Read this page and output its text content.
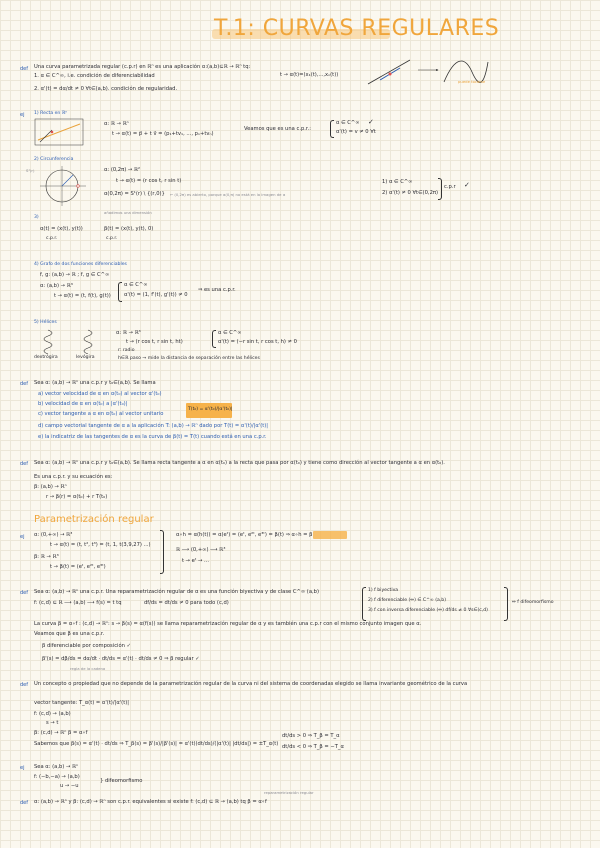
T.1: CURVAS REGULARES
def Una curva parametrizada regular (c.p.r) en ℝⁿ es una aplicación α:(a,b)⊆ℝ → ℝⁿ tq:
t → α(t)=(x₁(t),...,xₙ(t))
1. α ∈ C^∞, i.e. condición de diferenciabilidad
2. α'(t) = dα/dt ≠ 0 ∀t∈(a,b). condición de regularidad.
puede tocarse
ej 1) Recta en ℝⁿ
α: ℝ → ℝⁿ
t → α(t) = p⃗ + t v⃗ = (p₁+tv₁, ..., pₙ+tvₙ)
Veamos que es una c.p.r.:
α ∈ C^∞
α'(t) = v ≠ 0 ∀t
✓
2) Circunferencia
S¹(r)	α: (0,2π) → ℝ²
t → α(t) = (r cos t, r sin t)
α(0,2π) = S¹(r) \ {(r,0)} ← (0,2π) es abierto, porque α(0,π) no está en la imagen de α
1) α ∈ C^∞
2) α'(t) ≠ 0 ∀t∈(0,2π)
c.p.r ✓
3)
añadimos una dimensión
α(t) = (x(t), y(t))	β(t) = (x(t), y(t), 0)
c.p.r.	c.p.r.
4) Grafo de dos funciones diferenciables
f, g: (a,b) → ℝ ; f, g ∈ C^∞
α: (a,b) → ℝ³
t → α(t) = (t, f(t), g(t))
α ∈ C^∞
α'(t) = (1, f'(t), g'(t)) ≠ 0
⇒ es una c.p.r.
5) Hélices
dextrógira	levógira
α: ℝ → ℝ³
t → (r cos t, r sin t, ht)
r: radio
h∈ℝ paso → mide la distancia de separación entre las hélices
α ∈ C^∞
α'(t) = (−r sin t, r cos t, h) ≠ 0
def Sea α: (a,b) → ℝⁿ una c.p.r y t₀∈(a,b). Se llama
a) vector velocidad de α en α(t₀) al vector α'(t₀)
b) velocidad de α en α(t₀) a |α'(t₀)|
c) vector tangente a α en α(t₀) al vector unitario
T(t₀) = α'(t₀)/|α'(t₀)|
d) campo vectorial tangente de α a la aplicación T: (a,b) → ℝⁿ dado por T(t) = α'(t)/|α'(t)|
e) la indicatriz de las tangentes de α es la curva de β(t) = T(t) cuando está en una c.p.r.
def Sea α: (a,b) → ℝⁿ una c.p.r y t₀∈(a,b). Se llama recta tangente a α en α(t₀) a la recta que pasa por α(t₀) y tiene como dirección al vector tangente a α en α(t₀).
Es una c.p.r. y su ecuación es:
β: (a,b) → ℝⁿ
r → β(r) = α(t₀) + r T(t₀)
Parametrización regular
ej α: (0,+∞) → ℝ³
t → α(t) = (t, t², t³) = (t, 1, t(3,9,27) ...)
β: ℝ → ℝ³
t → β(t) = (eᵗ, e²ᵗ, e³ᵗ)
α∘h = α(h(t)) = α(eᵗ) = (eᵗ, e²ᵗ, e³ᵗ) = β(t) ⇒ α∘h = β
ℝ ⟶ (0,+∞) ⟶ ℝ³
t → eᵗ → ...
def Sea α: (a,b) → ℝⁿ una c.p.r. Una reparametrización regular de α es una función biyectiva y de clase C^∞ (a,b)
f: (c,d) ⊆ ℝ ⟶ (a,b) ⟶ f(s) = t tq	df/ds = dt/ds ≠ 0 para todo (c,d)
1) f biyectiva
2) f diferenciable (⇔) ∈ C^∞ (a,b)
3) f con inversa diferenciable (⇔) df/ds ≠ 0 ∀s∈(c,d)
⇔ f difeomorfismo
La curva β = α∘f : (c,d) → ℝⁿ: s → β(s) = α(f(s)) se llama reparametrización regular de α y es también una c.p.r con el mismo conjunto imagen que α.
Veamos que β es una c.p.r.
β diferenciable por composición ✓
β'(s) = dβ/ds = dα/dt · dt/ds = α'(t) · dt/ds ≠ 0 ⇒ β regular ✓
regla de la cadena
def Un concepto o propiedad que no depende de la parametrización regular de la curva ni del sistema de coordenadas elegido se llama invariante geométrico de la curva
vector tangente: T_α(t) = α'(t)/|α'(t)|
f: (c,d) → (a,b)
s → t
β: (c,d) → ℝⁿ β = α∘f
Sabemos que β(s) = α'(t) · dt/ds ⇒ T_β(s) = β'(s)/|β'(s)| = α'(t)(dt/ds)/(|α'(t)| |dt/ds|) = ±T_α(t)
dt/ds > 0 ⇒ T_β = T_α
dt/ds < 0 ⇒ T_β = −T_α
ej Sea α: (a,b) → ℝⁿ
f: (−b,−a) → (a,b)
u → −u
} difeomorfismo
reparametrización regular
def α: (a,b) → ℝⁿ y β: (c,d) → ℝⁿ son c.p.r. equivalentes si existe f: (c,d) ⊆ ℝ → (a,b) tq β = α∘f
